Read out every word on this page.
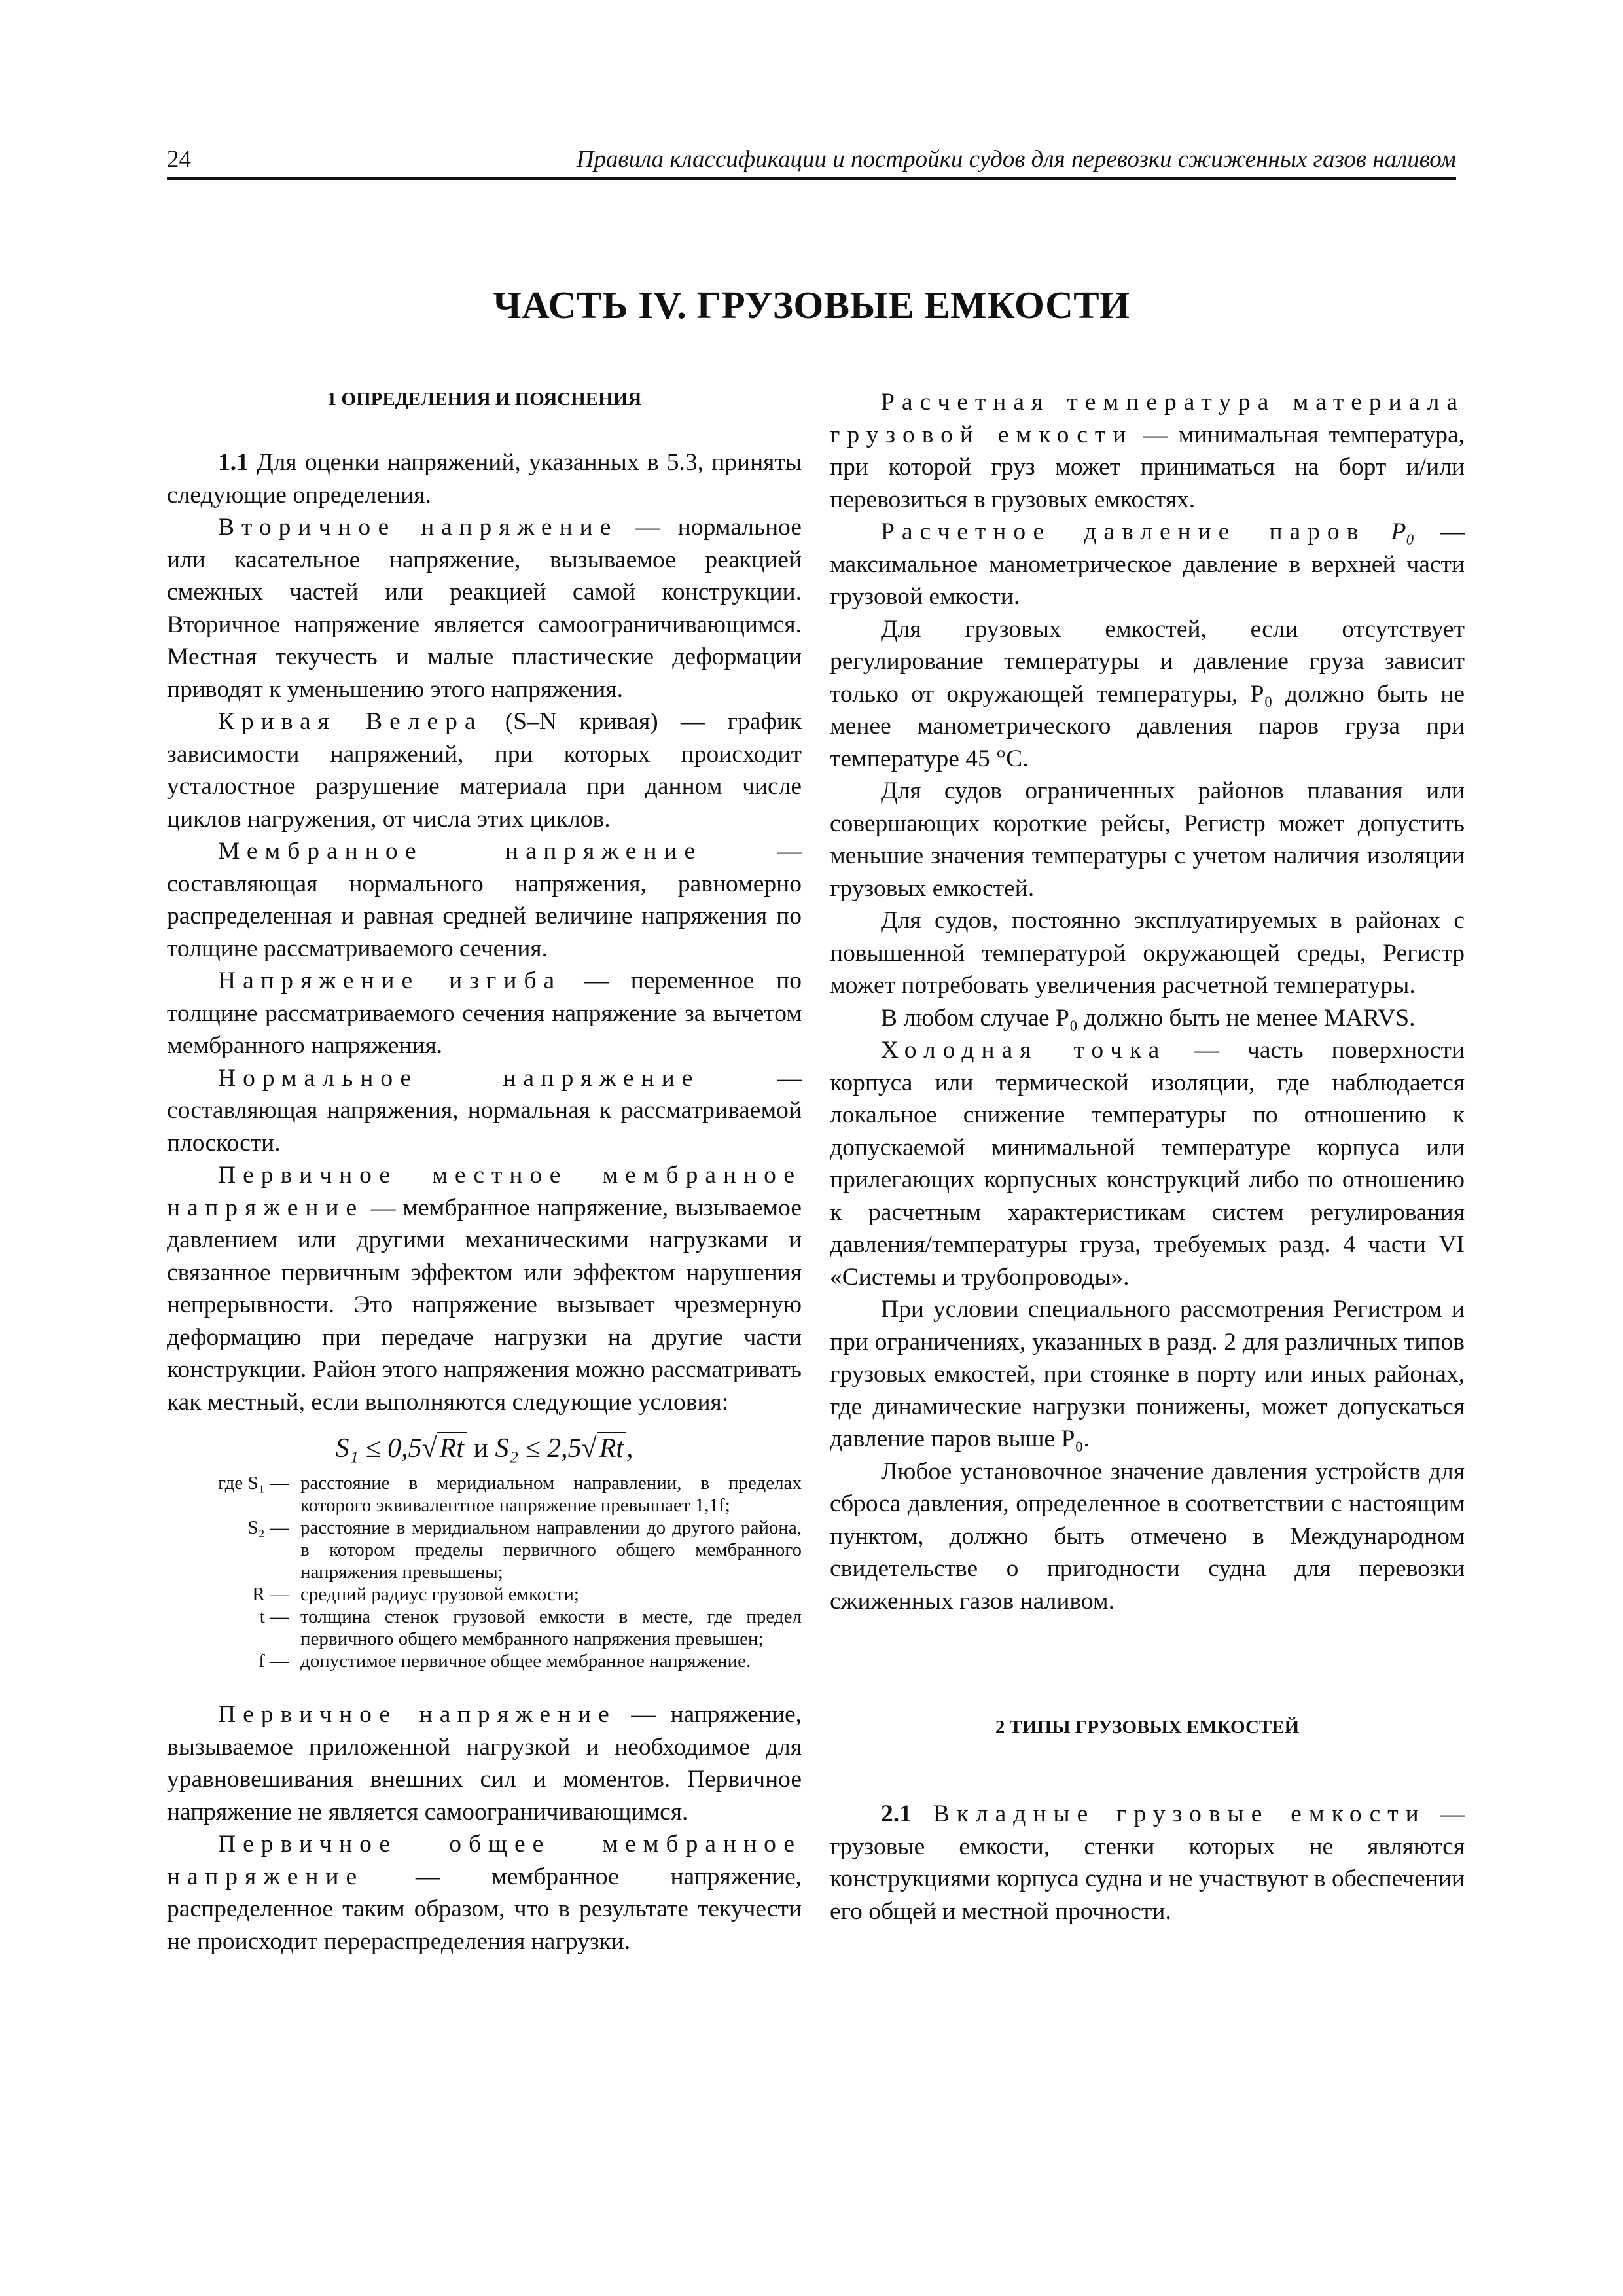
24	Правила классификации и постройки судов для перевозки сжиженных газов наливом
ЧАСТЬ IV. ГРУЗОВЫЕ ЕМКОСТИ
1 ОПРЕДЕЛЕНИЯ И ПОЯСНЕНИЯ

1.1 Для оценки напряжений, указанных в 5.3, приняты следующие определения.

Вторичное напряжение — нормальное или касательное напряжение, вызываемое реакцией смежных частей или реакцией самой конструкции. Вторичное напряжение является самоограничивающимся. Местная текучесть и малые пластические деформации приводят к уменьшению этого напряжения.

Кривая Велера (S–N кривая) — график зависимости напряжений, при которых происходит усталостное разрушение материала при данном числе циклов нагружения, от числа этих циклов.

Мембранное напряжение — составляющая нормального напряжения, равномерно распределенная и равная средней величине напряжения по толщине рассматриваемого сечения.

Напряжение изгиба — переменное по толщине рассматриваемого сечения напряжение за вычетом мембранного напряжения.

Нормальное напряжение — составляющая напряжения, нормальная к рассматриваемой плоскости.

Первичное местное мембранное напряжение — мембранное напряжение, вызываемое давлением или другими механическими нагрузками и связанное первичным эффектом или эффектом нарушения непрерывности. Это напряжение вызывает чрезмерную деформацию при передаче нагрузки на другие части конструкции. Район этого напряжения можно рассматривать как местный, если выполняются следующие условия:

S₁ ≤ 0,5√Rt и S₂ ≤ 2,5√Rt,
где S₁ — расстояние в меридиальном направлении, в пределах которого эквивалентное напряжение превышает 1,1f;
S₂ — расстояние в меридиальном направлении до другого района, в котором пределы первичного общего мембранного напряжения превышены;
R — средний радиус грузовой емкости;
t — толщина стенок грузовой емкости в месте, где предел первичного общего мембранного напряжения превышен;
f — допустимое первичное общее мембранное напряжение.

Первичное напряжение — напряжение, вызываемое приложенной нагрузкой и необходимое для уравновешивания внешних сил и моментов. Первичное напряжение не является самоограничивающимся.

Первичное общее мембранное напряжение — мембранное напряжение, распределенное таким образом, что в результате текучести не происходит перераспределения нагрузки.

Расчетная температура материала грузовой емкости — минимальная температура, при которой груз может приниматься на борт и/или перевозиться в грузовых емкостях.

Расчетное давление паров P₀ — максимальное манометрическое давление в верхней части грузовой емкости.

Для грузовых емкостей, если отсутствует регулирование температуры и давление груза зависит только от окружающей температуры, P₀ должно быть не менее манометрического давления паров груза при температуре 45 °С.

Для судов ограниченных районов плавания или совершающих короткие рейсы, Регистр может допустить меньшие значения температуры с учетом наличия изоляции грузовых емкостей.

Для судов, постоянно эксплуатируемых в районах с повышенной температурой окружающей среды, Регистр может потребовать увеличения расчетной температуры.

В любом случае P₀ должно быть не менее MARVS.

Холодная точка — часть поверхности корпуса или термической изоляции, где наблюдается локальное снижение температуры по отношению к допускаемой минимальной температуре корпуса или прилегающих корпусных конструкций либо по отношению к расчетным характеристикам систем регулирования давления/температуры груза, требуемых разд. 4 части VI «Системы и трубопроводы».

При условии специального рассмотрения Регистром и при ограничениях, указанных в разд. 2 для различных типов грузовых емкостей, при стоянке в порту или иных районах, где динамические нагрузки понижены, может допускаться давление паров выше P₀.

Любое установочное значение давления устройств для сброса давления, определенное в соответствии с настоящим пунктом, должно быть отмечено в Международном свидетельстве о пригодности судна для перевозки сжиженных газов наливом.

2 ТИПЫ ГРУЗОВЫХ ЕМКОСТЕЙ

2.1 Вкладные грузовые емкости — грузовые емкости, стенки которых не являются конструкциями корпуса судна и не участвуют в обеспечении его общей и местной прочности.
